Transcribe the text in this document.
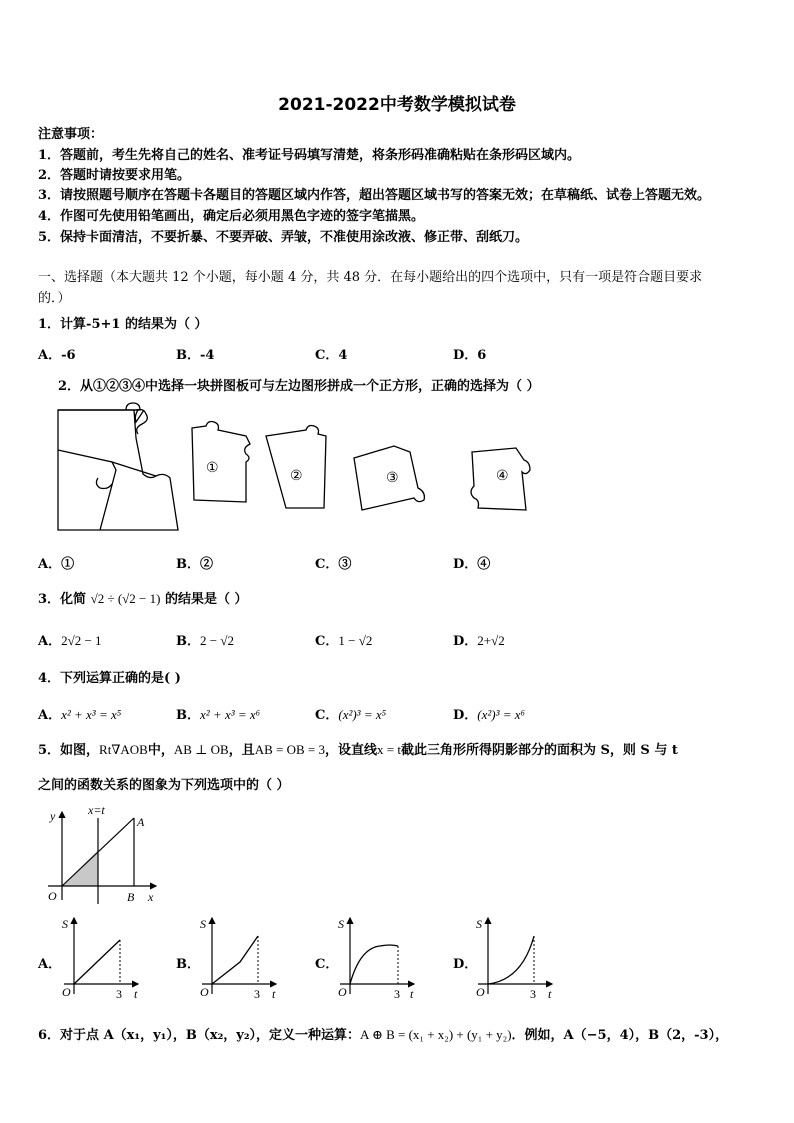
2021-2022中考数学模拟试卷
注意事项：
1．答题前，考生先将自己的姓名、准考证号码填写清楚，将条形码准确粘贴在条形码区域内。
2．答题时请按要求用笔。
3．请按照题号顺序在答题卡各题目的答题区域内作答，超出答题区域书写的答案无效；在草稿纸、试卷上答题无效。
4．作图可先使用铅笔画出，确定后必须用黑色字迹的签字笔描黑。
5．保持卡面清洁，不要折暴、不要弄破、弄皱，不准使用涂改液、修正带、刮纸刀。
一、选择题（本大题共 12 个小题，每小题 4 分，共 48 分．在每小题给出的四个选项中，只有一项是符合题目要求
的．）
1．计算-5+1 的结果为（ ）
A．-6	B．-4	C．4	D．6
2．从①②③④中选择一块拼图板可与左边图形拼成一个正方形，正确的选择为（ ）
①
②	③	④
A．①	B．②	C．③	D．④
3．化简 √2 ÷ (√2 − 1) 的结果是（ ）
A．2√2 − 1	B．2 − √2	C．1 − √2	D．2+√2
4．下列运算正确的是( )
A．x² + x³ = x⁵	B．x² + x³ = x⁶	C．(x²)³ = x⁵	D．(x²)³ = x⁶
5．如图，Rt∇AOB中，AB ⊥ OB，且AB = OB = 3，设直线x = t截此三角形所得阴影部分的面积为 S，则 S 与 t
之间的函数关系的图象为下列选项中的（ ）
y	x=t
A
O	B x
A．	B．	C．	D．
S
O	3 t
S
O	3 t
S
O	3 t
S
O	3 t
6．对于点 A（x₁，y₁），B（x₂，y₂），定义一种运算：A ⊕ B = (x₁ + x₂) + (y₁ + y₂)．例如，A（−5，4），B（2，-3），
